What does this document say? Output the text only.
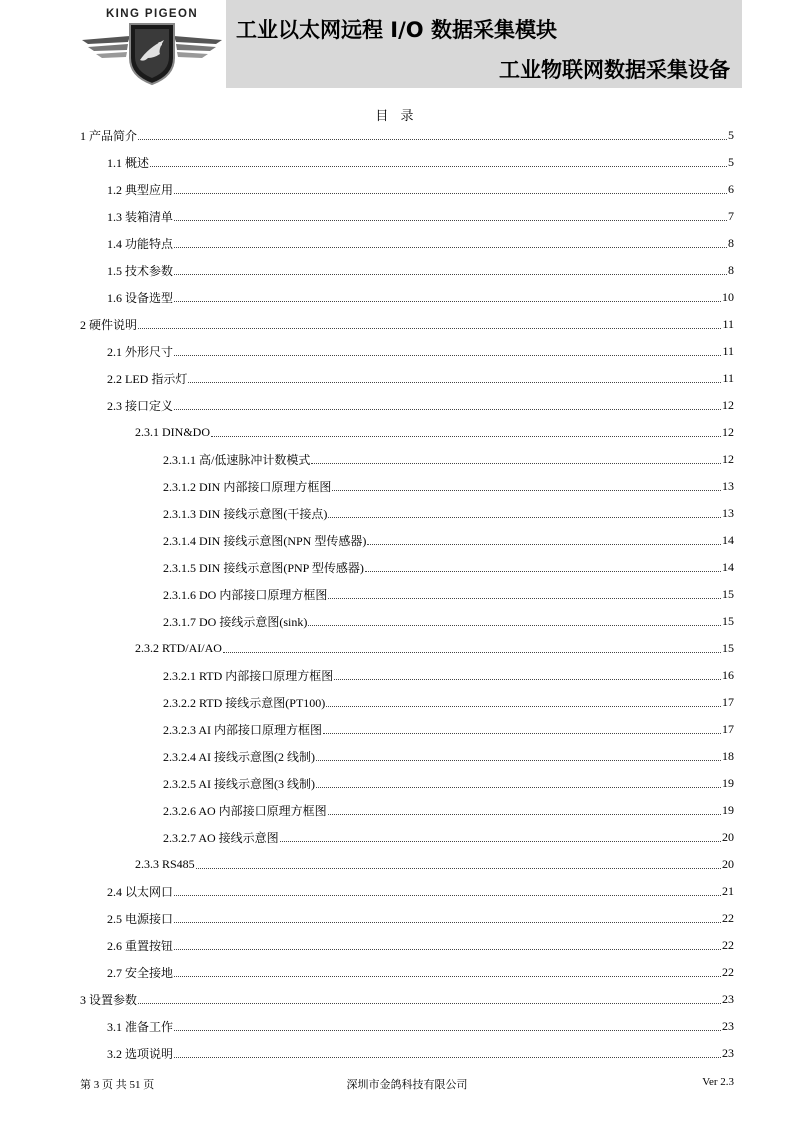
KING PIGEON
工业以太网远程 I/O 数据采集模块
工业物联网数据采集设备
目 录
1 产品简介	5
1.1 概述	5
1.2 典型应用	6
1.3 装箱清单	7
1.4 功能特点	8
1.5 技术参数	8
1.6 设备选型	10
2 硬件说明	11
2.1 外形尺寸	11
2.2 LED 指示灯	11
2.3 接口定义	12
2.3.1 DIN&DO	12
2.3.1.1 高/低速脉冲计数模式	12
2.3.1.2 DIN 内部接口原理方框图	13
2.3.1.3 DIN 接线示意图(干接点)	13
2.3.1.4 DIN 接线示意图(NPN 型传感器)	14
2.3.1.5 DIN 接线示意图(PNP 型传感器)	14
2.3.1.6 DO 内部接口原理方框图	15
2.3.1.7 DO 接线示意图(sink)	15
2.3.2 RTD/AI/AO	15
2.3.2.1 RTD 内部接口原理方框图	16
2.3.2.2 RTD 接线示意图(PT100)	17
2.3.2.3 AI 内部接口原理方框图	17
2.3.2.4 AI 接线示意图(2 线制)	18
2.3.2.5 AI 接线示意图(3 线制)	19
2.3.2.6 AO 内部接口原理方框图	19
2.3.2.7 AO 接线示意图	20
2.3.3 RS485	20
2.4 以太网口	21
2.5 电源接口	22
2.6 重置按钮	22
2.7 安全接地	22
3 设置参数	23
3.1 准备工作	23
3.2 选项说明	23
第 3 页 共 51 页	深圳市金鸽科技有限公司	Ver 2.3
